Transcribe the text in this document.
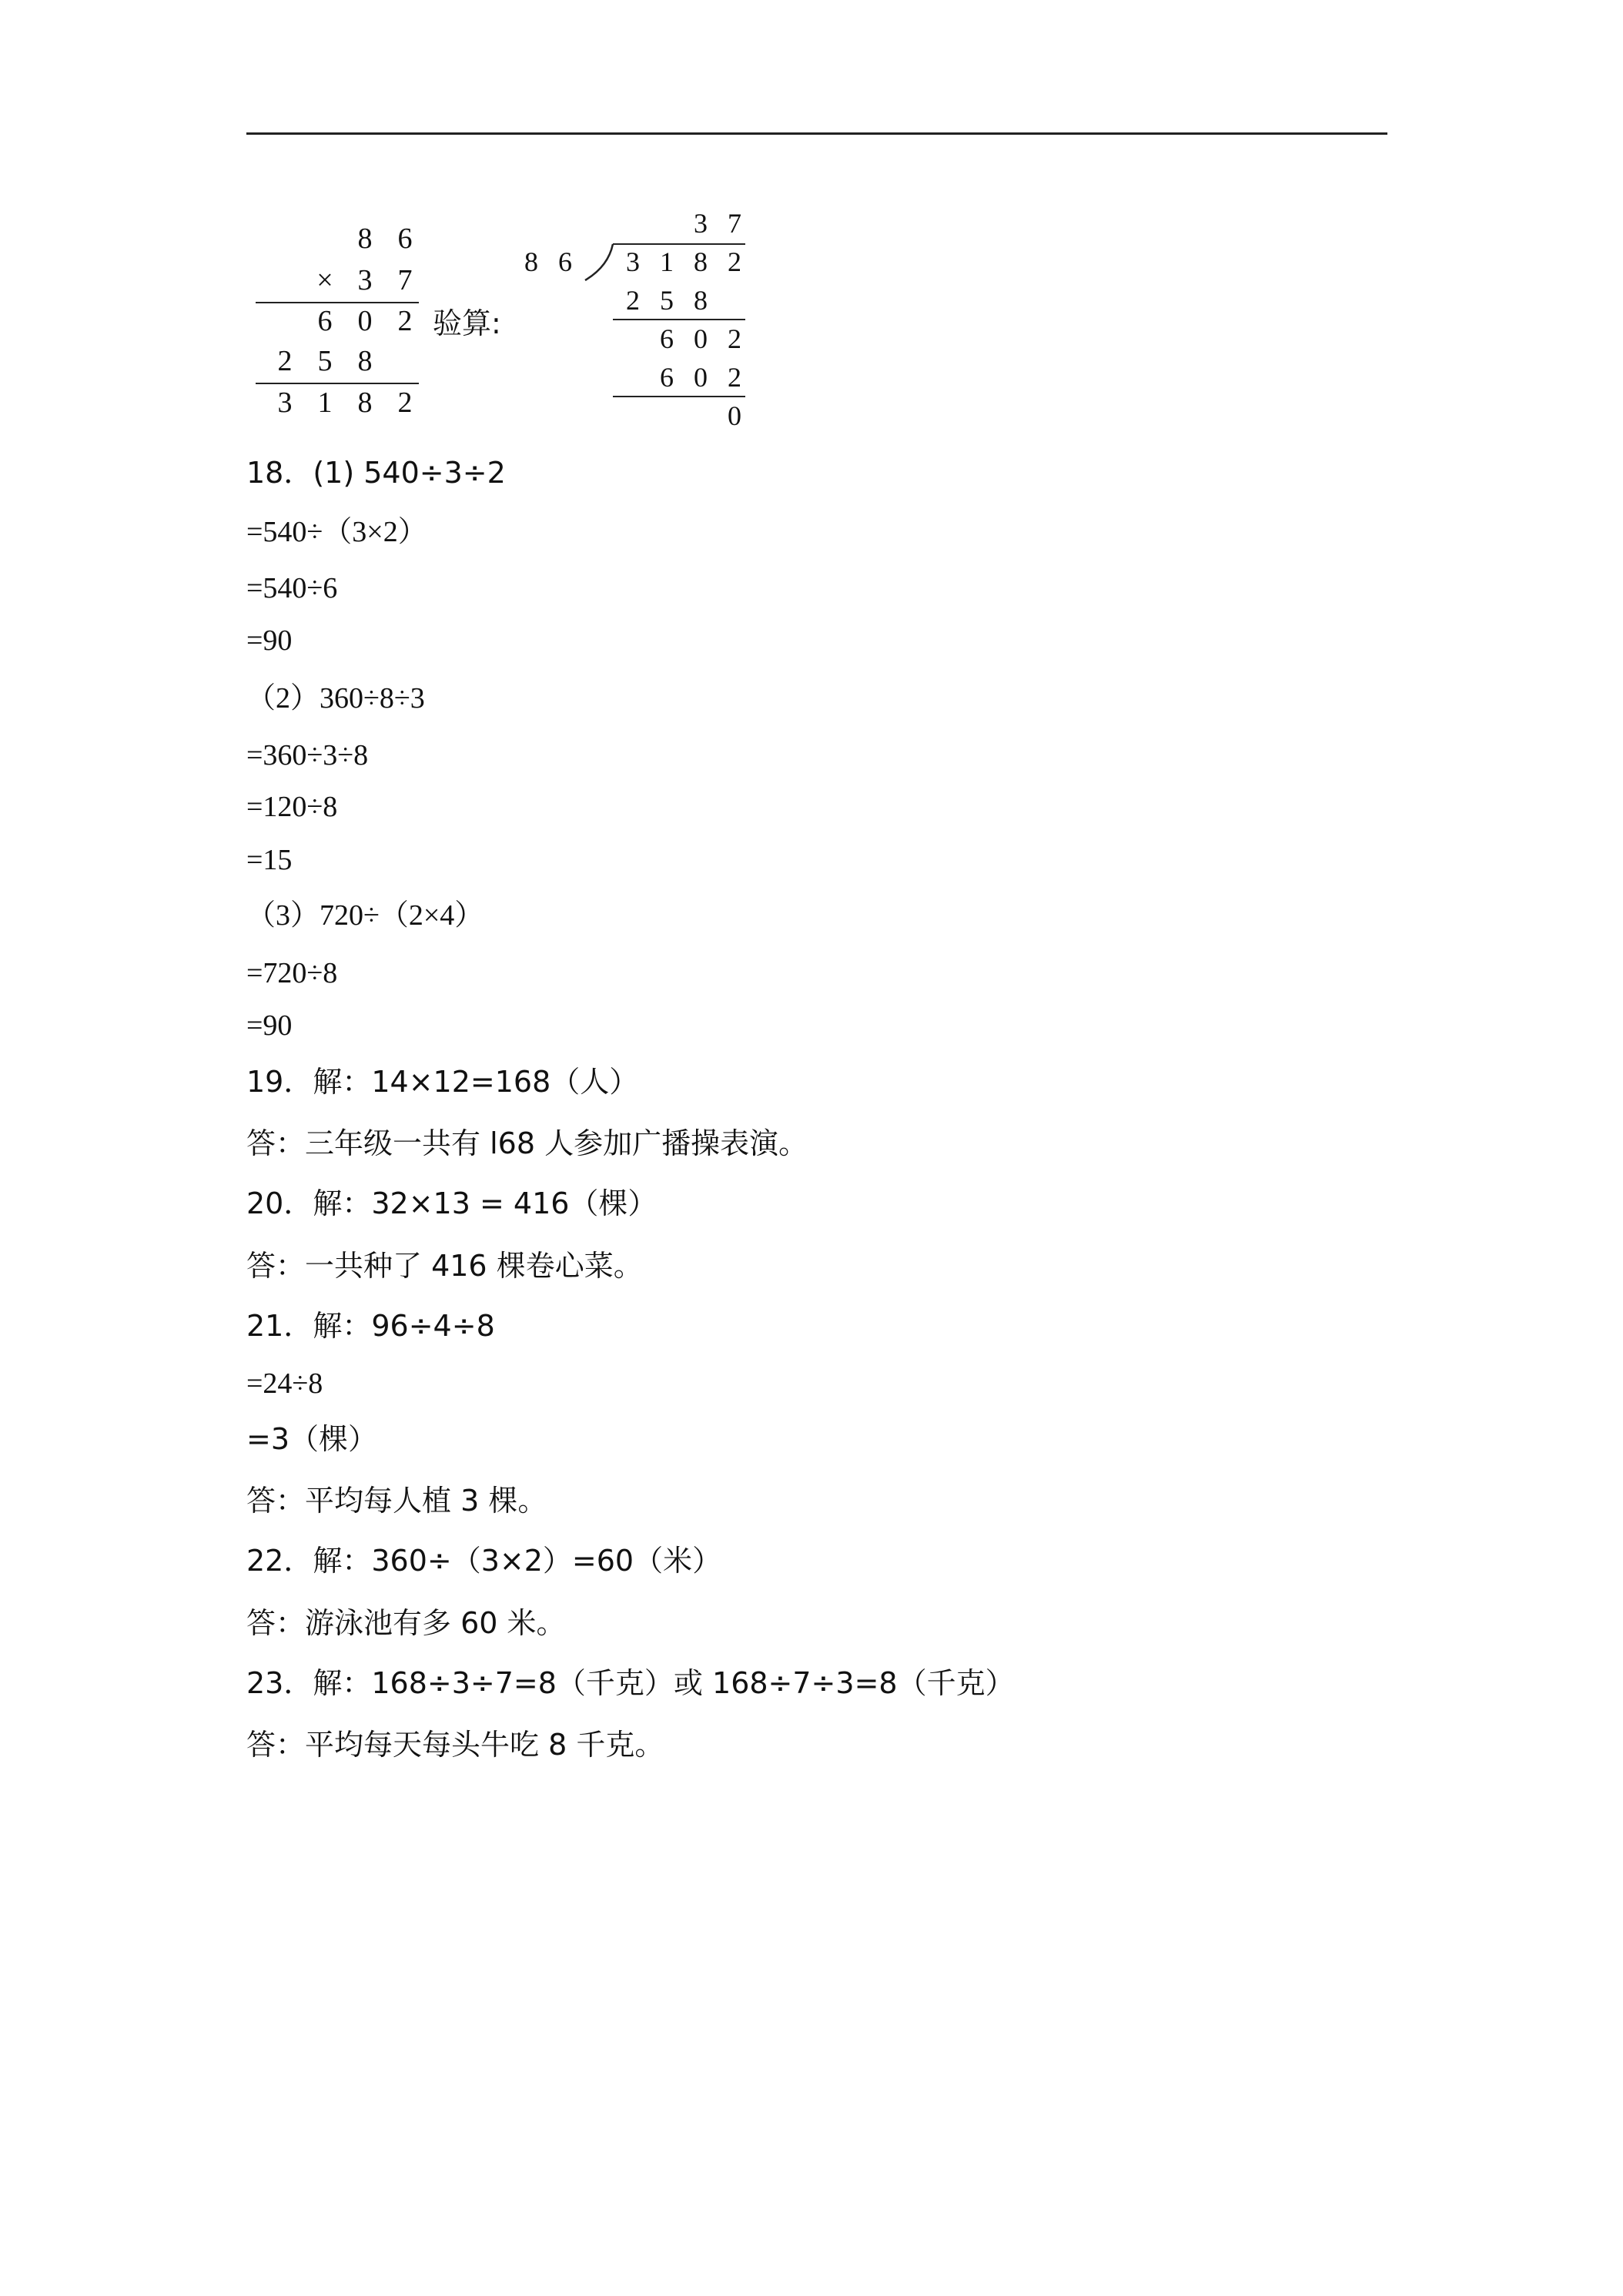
8 6
× 3 7
6 0 2
2 5 8
3 1 8 2
验算:
3 7
8 6	3 1 8 2
2 5 8
6 0 2
6 0 2
0
18．(1) 540÷3÷2
=540÷（3×2）
=540÷6
=90
（2）360÷8÷3
=360÷3÷8
=120÷8
=15
（3）720÷（2×4）
=720÷8
=90
19．解：14×12=168（人）
答：三年级一共有 l68 人参加广播操表演。
20．解：32×13 = 416（棵）
答：一共种了 416 棵卷心菜。
21．解：96÷4÷8
=24÷8
=3（棵）
答：平均每人植 3 棵。
22．解：360÷（3×2）=60（米）
答：游泳池有多 60 米。
23．解：168÷3÷7=8（千克）或 168÷7÷3=8（千克）
答：平均每天每头牛吃 8 千克。
